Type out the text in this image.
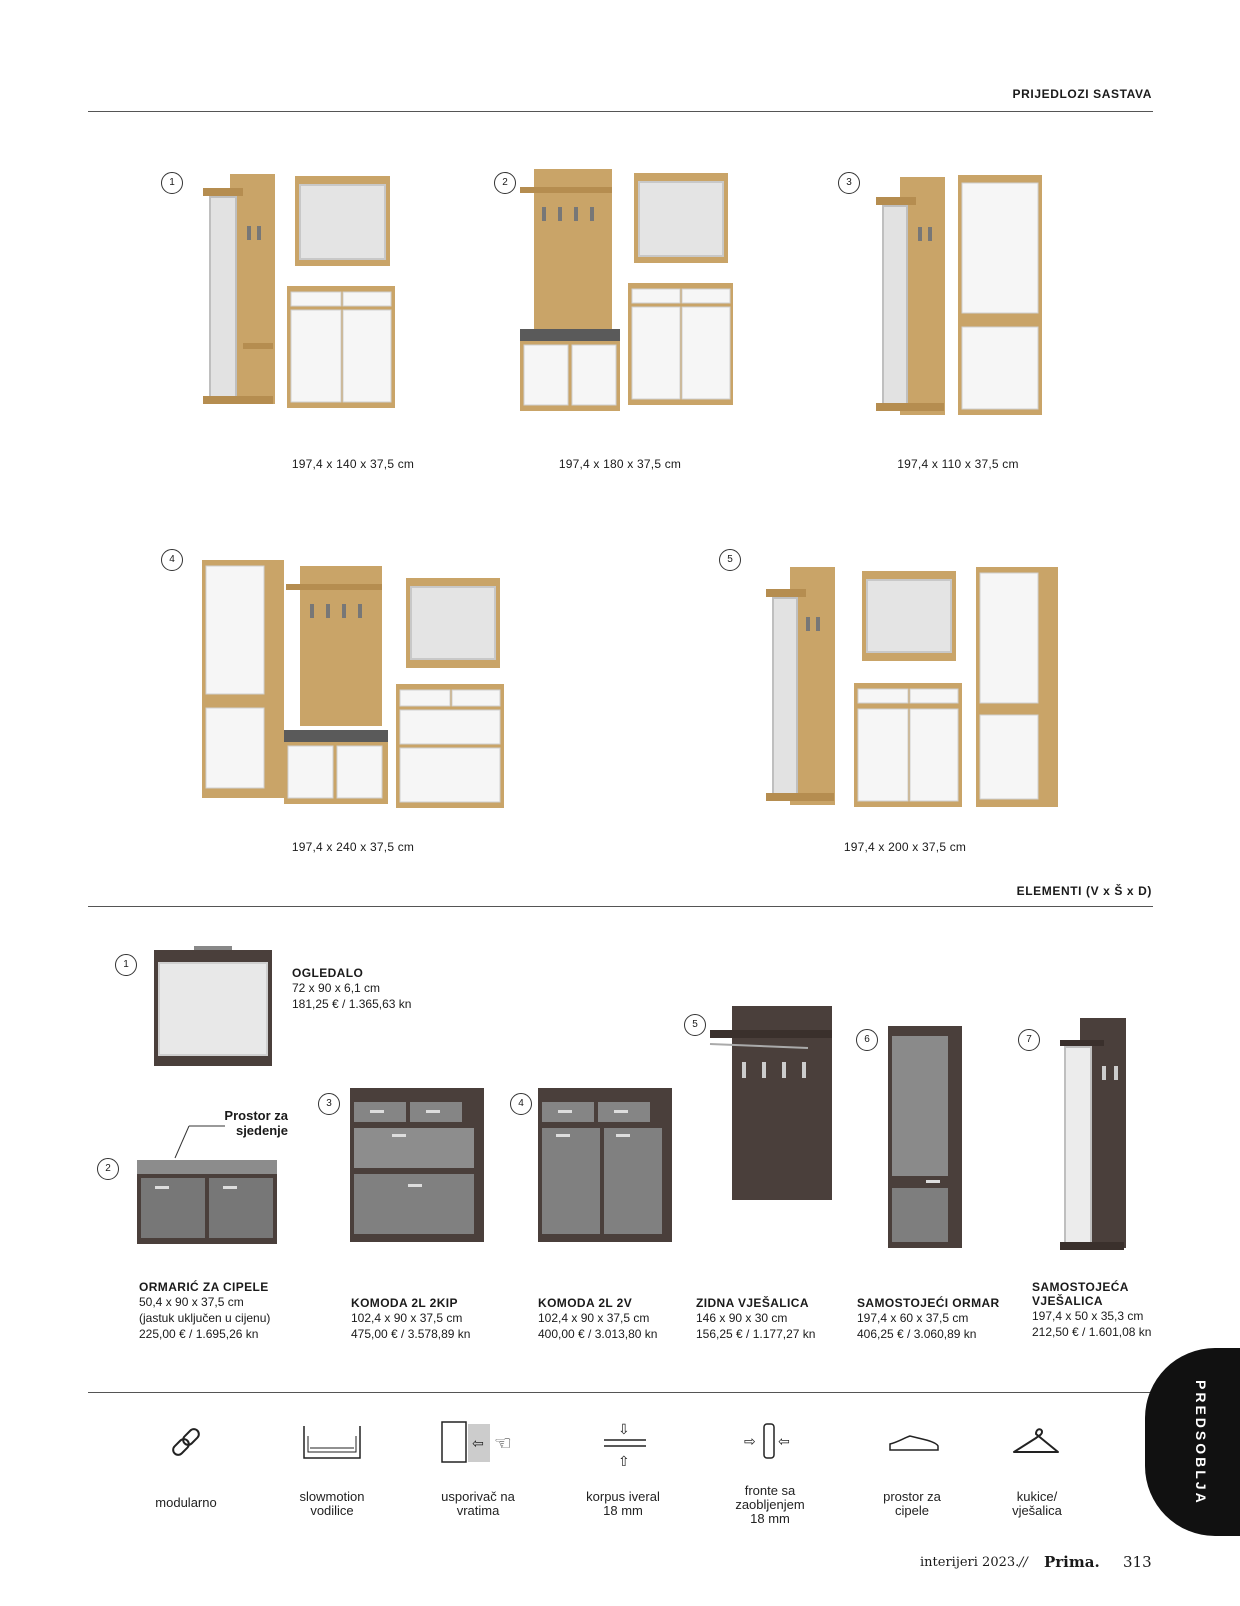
PRIJEDLOZI SASTAVA
1
197,4 x 140 x 37,5 cm
2
197,4 x 180 x 37,5 cm
3
197,4 x 110 x 37,5 cm
4
197,4 x 240 x 37,5 cm
5
197,4 x 200 x 37,5 cm
ELEMENTI (V x Š x D)
1
OGLEDALO
72 x 90 x 6,1 cm
181,25 € / 1.365,63 kn
2
Prostor za
sjedenje
ORMARIĆ ZA CIPELE
50,4 x 90 x 37,5 cm
(jastuk uključen u cijenu)
225,00 € / 1.695,26 kn
3
KOMODA 2L 2KIP
102,4 x 90 x 37,5 cm
475,00 € / 3.578,89 kn
4
KOMODA 2L 2V
102,4 x 90 x 37,5 cm
400,00 € / 3.013,80 kn
5
ZIDNA VJEŠALICA
146 x 90 x 30 cm
156,25 € / 1.177,27 kn
6
SAMOSTOJEĆI ORMAR
197,4 x 60 x 37,5 cm
406,25 € / 3.060,89 kn
7
SAMOSTOJEĆA
VJEŠALICA
197,4 x 50 x 35,3 cm
212,50 € / 1.601,08 kn
⇦ ☜
⇩
⇧
⇨ ⇦
modularno	slowmotion
vodilice
usporivač na
vratima
korpus iveral
18 mm
fronte sa
zaobljenjem
18 mm
prostor za
cipele
kukice/
vješalica
PREDSOBLJA
interijeri 2023. // Prima. 313
